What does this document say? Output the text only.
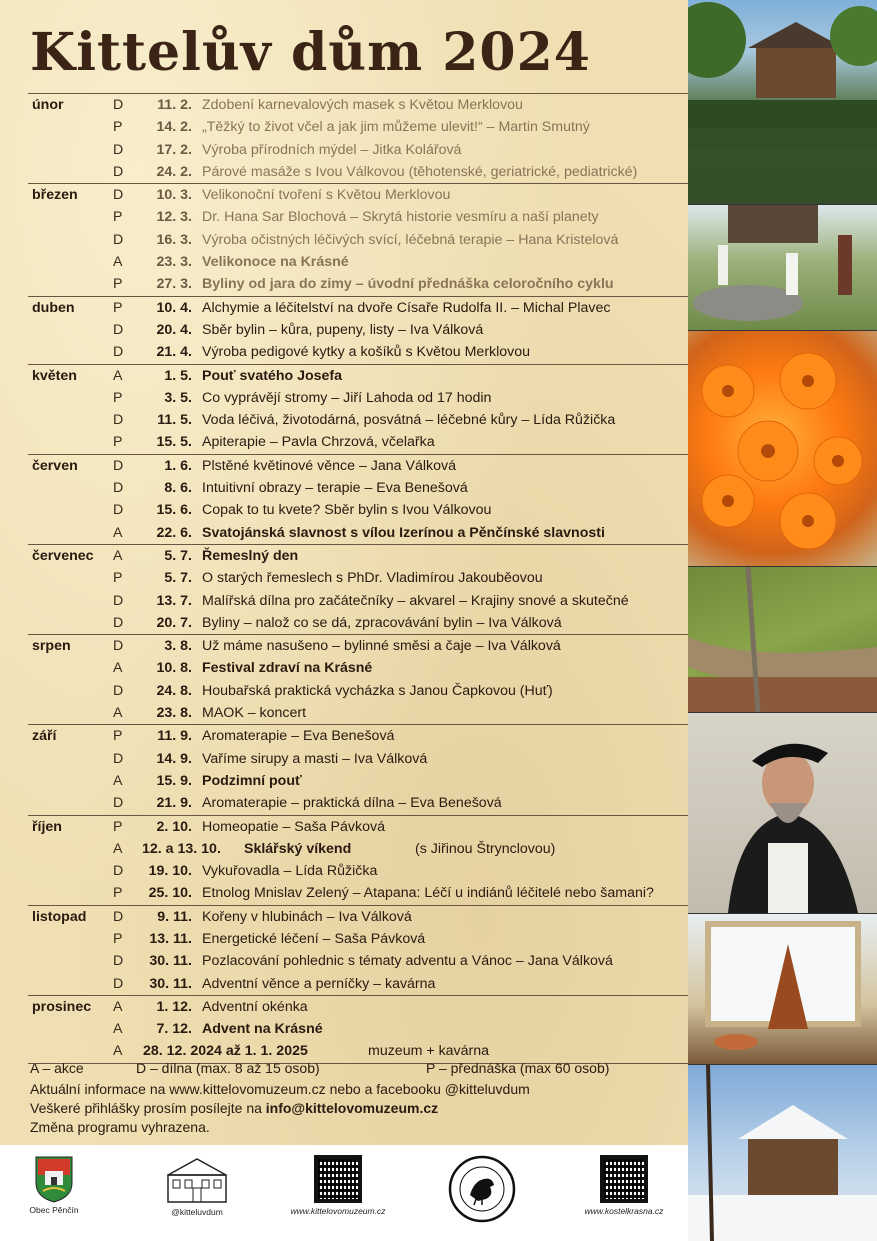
Kittelův dům 2024
únor	D	11. 2. Zdobení karnevalových masek s Květou Merklovou
P	14. 2. „Těžký to život včel a jak jim můžeme ulevit!“ – Martin Smutný
D	17. 2. Výroba přírodních mýdel – Jitka Kolářová
D	24. 2. Párové masáže s Ivou Válkovou (těhotenské, geriatrické, pediatrické)
březen D	10. 3. Velikonoční tvoření s Květou Merklovou
P	12. 3. Dr. Hana Sar Blochová – Skrytá historie vesmíru a naší planety
D	16. 3. Výroba očistných léčivých svící, léčebná terapie – Hana Kristelová
A	23. 3. Velikonoce na Krásné
P	27. 3. Byliny od jara do zimy – úvodní přednáška celoročního cyklu
duben	P	10. 4. Alchymie a léčitelství na dvoře Císaře Rudolfa II. – Michal Plavec
D	20. 4. Sběr bylin – kůra, pupeny, listy – Iva Válková
D	21. 4. Výroba pedigové kytky a košíků s Květou Merklovou
květen	A	1. 5. Pouť svatého Josefa
P	3. 5. Co vyprávějí stromy – Jiří Lahoda od 17 hodin
D	11. 5. Voda léčivá, životodárná, posvátná – léčebné kůry – Lída Růžička
P	15. 5. Apiterapie – Pavla Chrzová, včelařka
červen D	1. 6. Plstěné květinové věnce – Jana Válková
D	8. 6. Intuitivní obrazy – terapie – Eva Benešová
D	15. 6. Copak to tu kvete? Sběr bylin s Ivou Válkovou
A	22. 6. Svatojánská slavnost s vílou Izerínou a Pěnčínské slavnosti
červenec A	5. 7. Řemeslný den
P	5. 7. O starých řemeslech s PhDr. Vladimírou Jakouběovou
D	13. 7. Malířská dílna pro začátečníky – akvarel – Krajiny snové a skutečné
D	20. 7. Byliny – nalož co se dá, zpracovávání bylin – Iva Válková
srpen	D	3. 8. Už máme nasušeno – bylinné směsi a čaje – Iva Válková
A	10. 8. Festival zdraví na Krásné
D	24. 8. Houbařská praktická vycházka s Janou Čapkovou (Huť)
A	23. 8. MAOK – koncert
září	P	11. 9. Aromaterapie – Eva Benešová
D	14. 9. Vaříme sirupy a masti – Iva Válková
A	15. 9. Podzimní pouť
D	21. 9. Aromaterapie – praktická dílna – Eva Benešová
říjen	P	2. 10. Homeopatie – Saša Pávková
A 12. a 13. 10. Sklářský víkend	(s Jiřinou Štrynclovou)
D	19. 10. Vykuřovadla – Lída Růžička
P	25. 10. Etnolog Mnislav Zelený – Atapana: Léčí u indiánů léčitelé nebo šamani?
listopad D	9. 11. Kořeny v hlubinách – Iva Válková
P	13. 11. Energetické léčení – Saša Pávková
D	30. 11. Pozlacování pohlednic s tématy adventu a Vánoc – Jana Válková
D	30. 11. Adventní věnce a perníčky – kavárna
prosinec A	1. 12. Adventní okénka
A	7. 12. Advent na Krásné
A 28. 12. 2024 až 1. 1. 2025	muzeum + kavárna
A – akce	D – dílna (max. 8 až 15 osob)	P – přednáška (max 60 osob)
Aktuální informace na www.kittelovomuzeum.cz nebo a facebooku @kitteluvdum
Veškeré přihlášky prosím posílejte na info@kittelovomuzeum.cz
Změna programu vyhrazena.
Obec Pěnčín	@kitteluvdum	www.kittelovomuzeum.cz	www.kostelkrasna.cz
